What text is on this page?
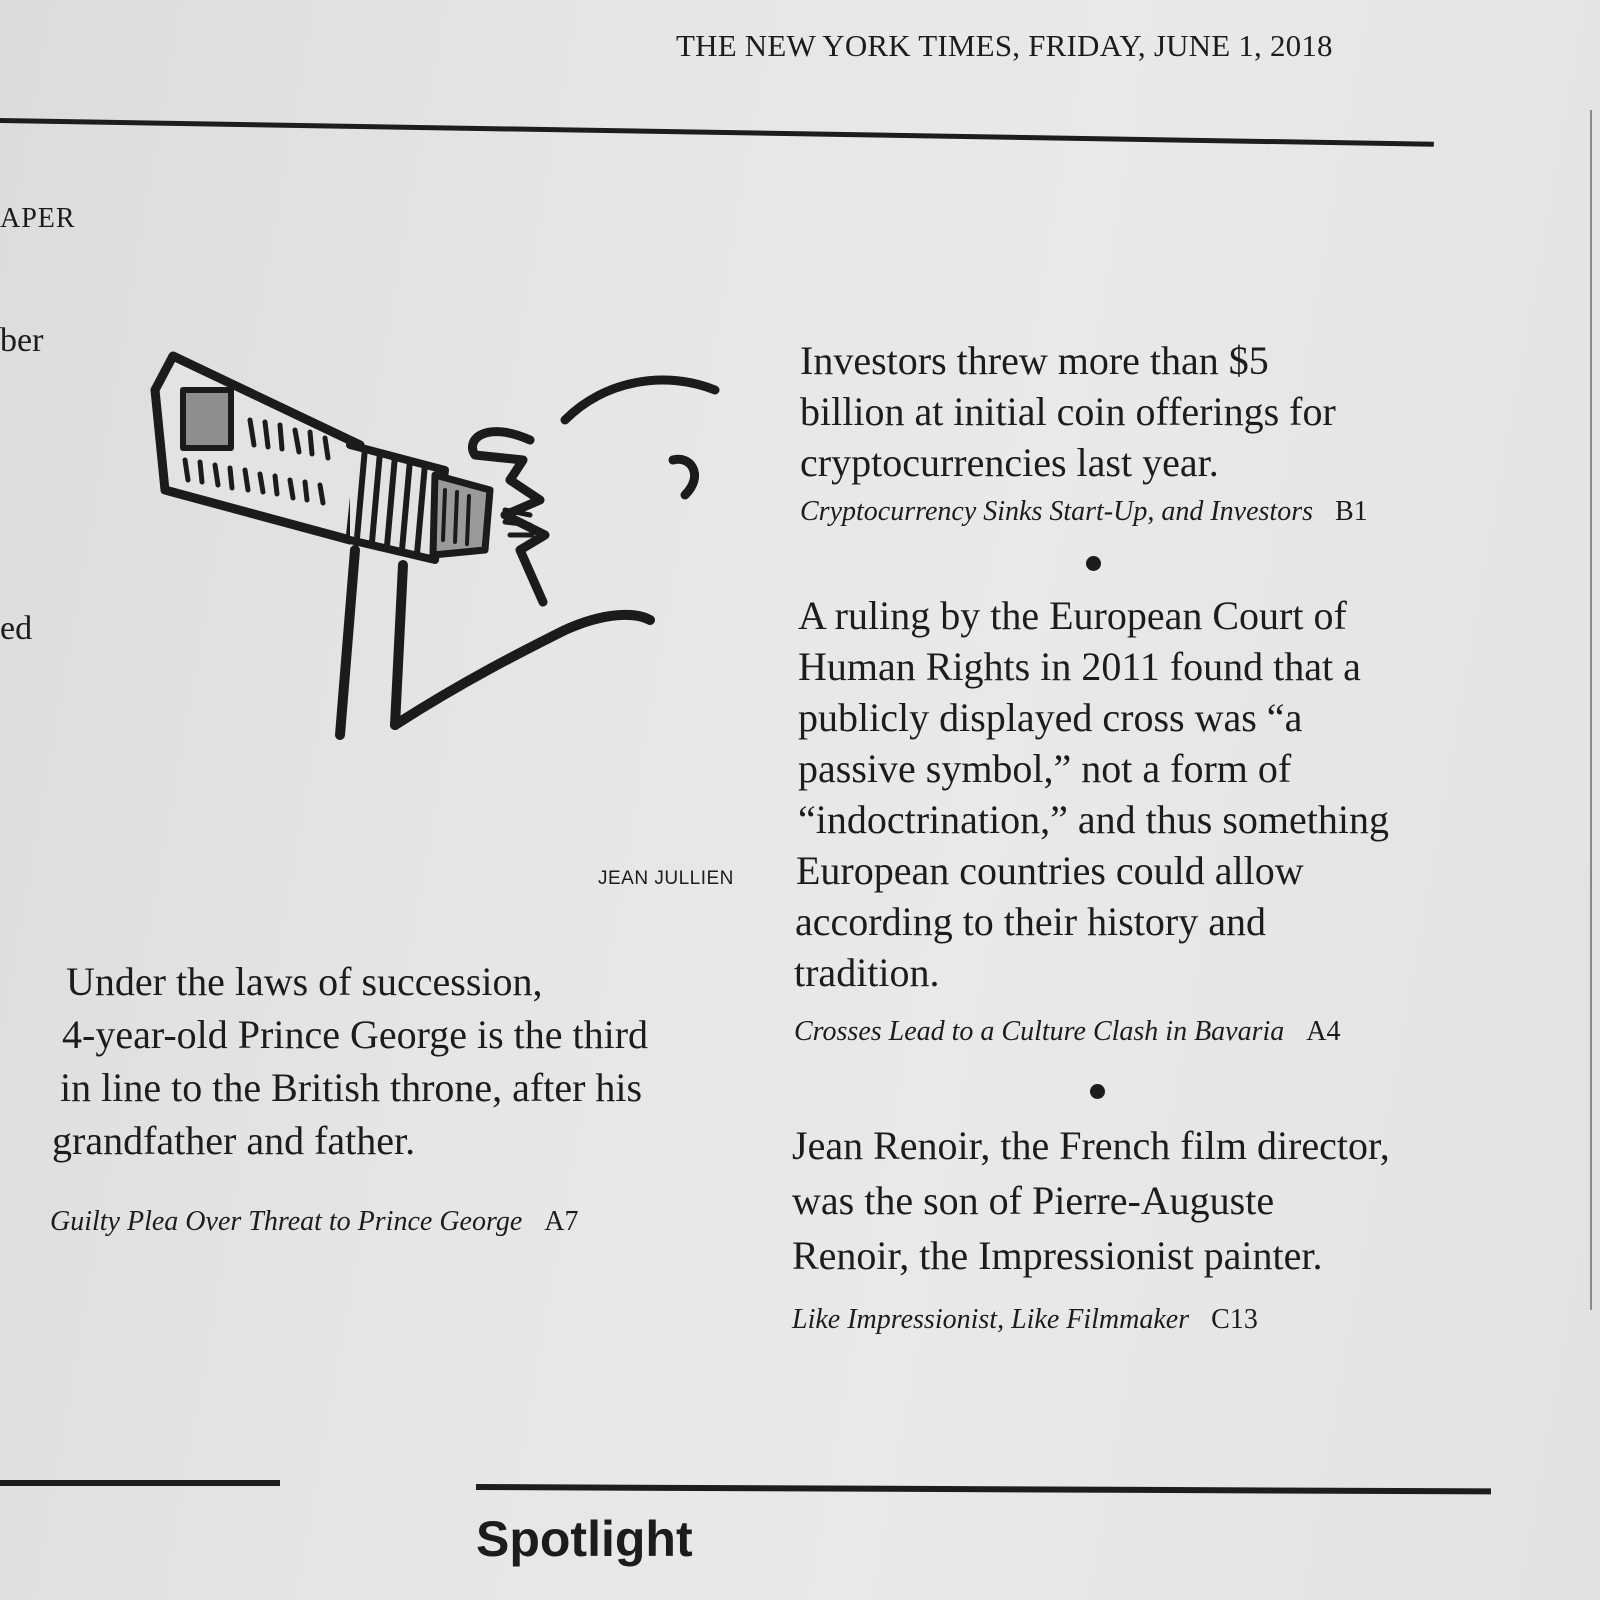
THE NEW YORK TIMES, FRIDAY, JUNE 1, 2018
APER
ber
ed
JEAN JULLIEN
Under the laws of succession,
4-year-old Prince George is the third
in line to the British throne, after his
grandfather and father.
Guilty Plea Over Threat to Prince George A7
Investors threw more than $5
billion at initial coin offerings for
cryptocurrencies last year.
Cryptocurrency Sinks Start-Up, and Investors B1
A ruling by the European Court of
Human Rights in 2011 found that a
publicly displayed cross was “a
passive symbol,” not a form of
“indoctrination,” and thus something
European countries could allow
according to their history and
tradition.
Crosses Lead to a Culture Clash in Bavaria A4
Jean Renoir, the French film director,
was the son of Pierre-Auguste
Renoir, the Impressionist painter.
Like Impressionist, Like Filmmaker C13
Spotlight
